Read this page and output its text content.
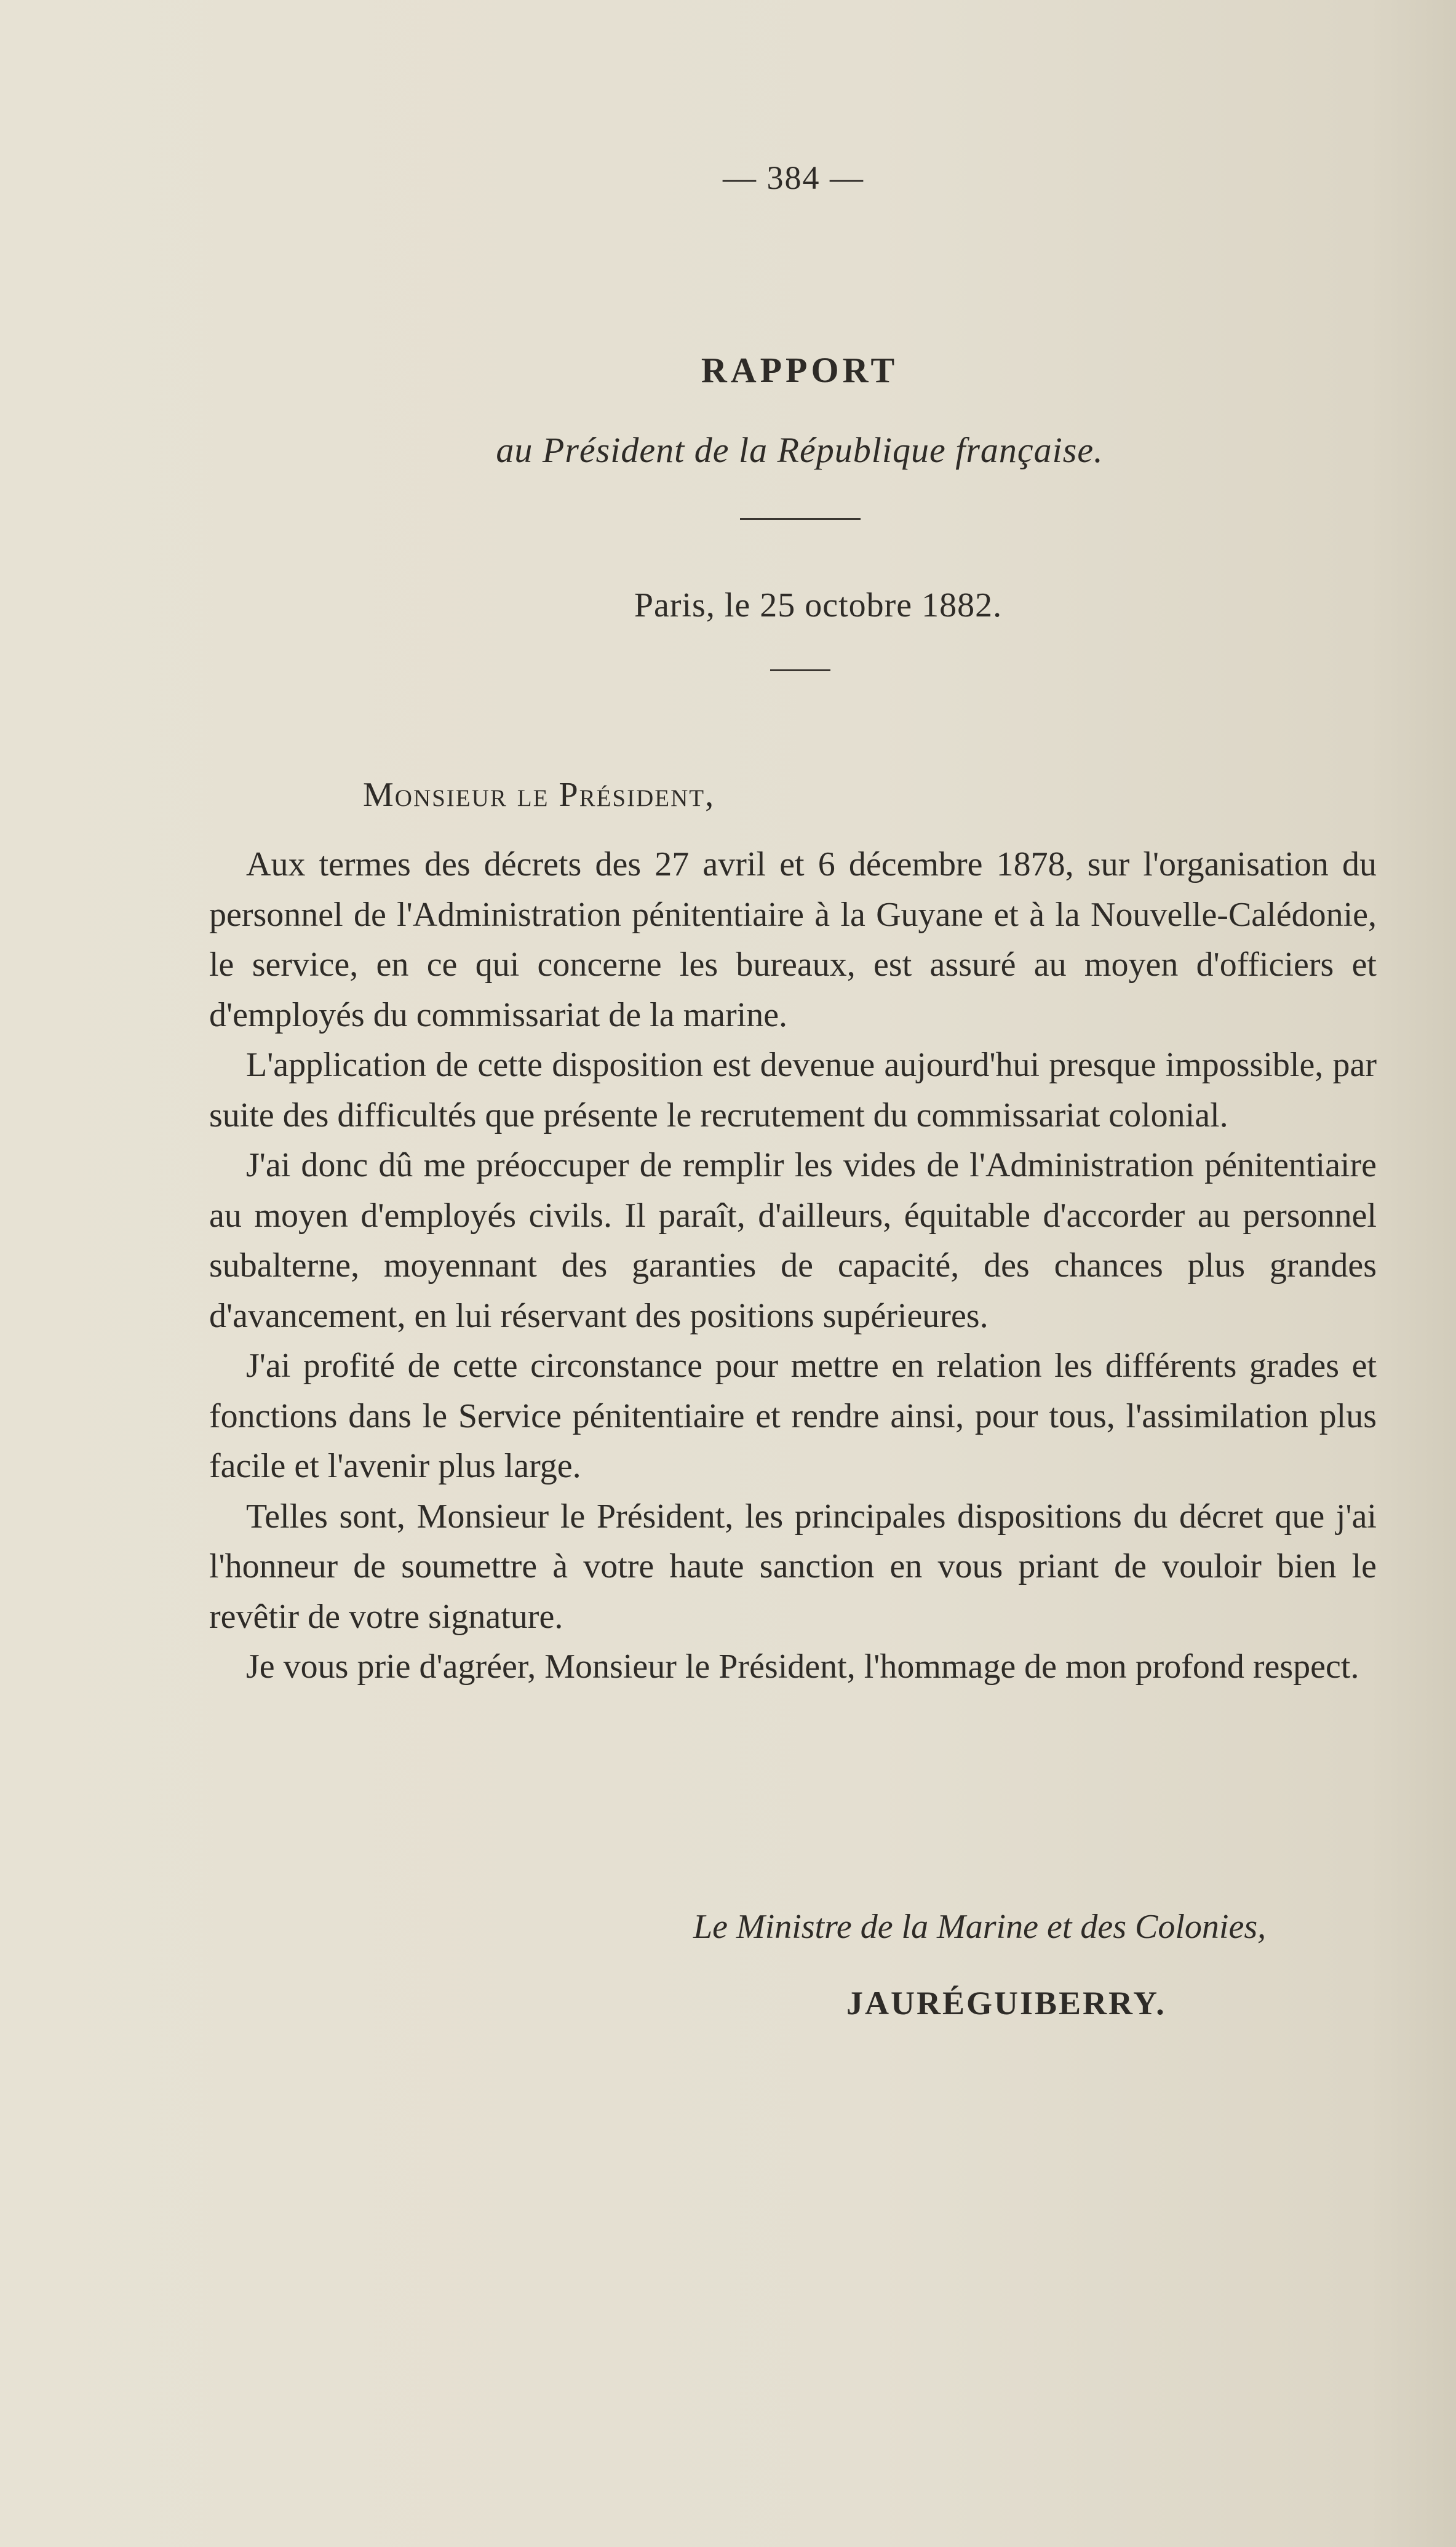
— 384 —
RAPPORT
au Président de la République française.
Paris, le 25 octobre 1882.
Monsieur le Président,

Aux termes des décrets des 27 avril et 6 décembre 1878, sur l'organisation du personnel de l'Administration pénitentiaire à la Guyane et à la Nouvelle-Calédonie, le service, en ce qui concerne les bureaux, est assuré au moyen d'officiers et d'employés du commissariat de la marine.

L'application de cette disposition est devenue aujourd'hui presque impossible, par suite des difficultés que présente le recrutement du commissariat colonial.

J'ai donc dû me préoccuper de remplir les vides de l'Administration pénitentiaire au moyen d'employés civils. Il paraît, d'ailleurs, équitable d'accorder au personnel subalterne, moyennant des garanties de capacité, des chances plus grandes d'avancement, en lui réservant des positions supérieures.

J'ai profité de cette circonstance pour mettre en relation les différents grades et fonctions dans le Service pénitentiaire et rendre ainsi, pour tous, l'assimilation plus facile et l'avenir plus large.

Telles sont, Monsieur le Président, les principales dispositions du décret que j'ai l'honneur de soumettre à votre haute sanction en vous priant de vouloir bien le revêtir de votre signature.

Je vous prie d'agréer, Monsieur le Président, l'hommage de mon profond respect.

Le Ministre de la Marine et des Colonies,
JAURÉGUIBERRY.
